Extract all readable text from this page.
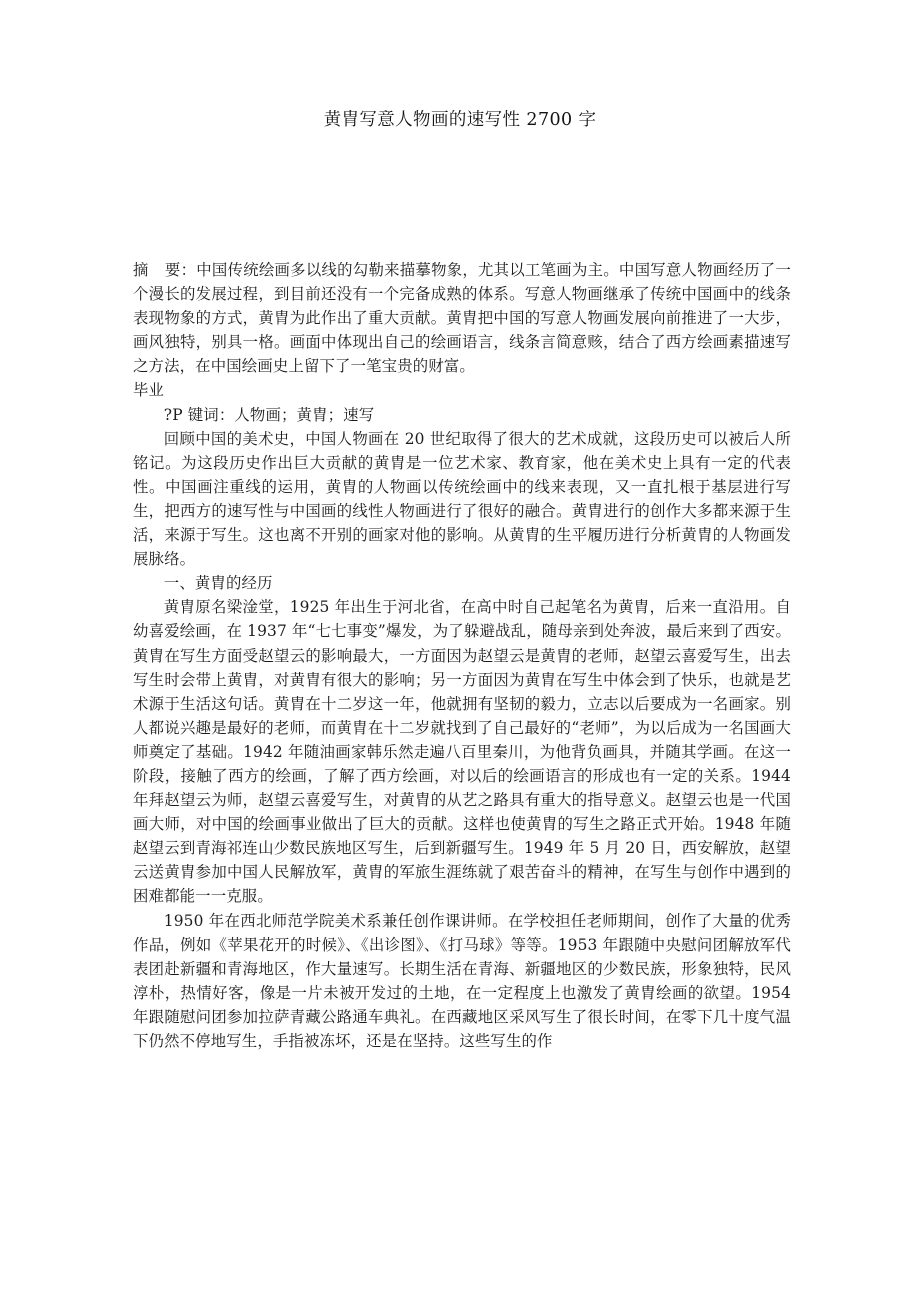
黄胄写意人物画的速写性 2700 字

摘 要：中国传统绘画多以线的勾勒来描摹物象，尤其以工笔画为主。中国写意人物画经历了一个漫长的发展过程，到目前还没有一个完备成熟的体系。写意人物画继承了传统中国画中的线条表现物象的方式，黄胄为此作出了重大贡献。黄胄把中国的写意人物画发展向前推进了一大步，画风独特，别具一格。画面中体现出自己的绘画语言，线条言简意赅，结合了西方绘画素描速写之方法，在中国绘画史上留下了一笔宝贵的财富。

毕业

?P 键词：人物画；黄胄；速写

回顾中国的美术史，中国人物画在 20 世纪取得了很大的艺术成就，这段历史可以被后人所铭记。为这段历史作出巨大贡献的黄胄是一位艺术家、教育家，他在美术史上具有一定的代表性。中国画注重线的运用，黄胄的人物画以传统绘画中的线来表现，又一直扎根于基层进行写生，把西方的速写性与中国画的线性人物画进行了很好的融合。黄胄进行的创作大多都来源于生活，来源于写生。这也离不开别的画家对他的影响。从黄胄的生平履历进行分析黄胄的人物画发展脉络。

一、黄胄的经历

黄胄原名梁淦堂，1925 年出生于河北省，在高中时自己起笔名为黄胄，后来一直沿用。自幼喜爱绘画，在 1937 年“七七事变”爆发，为了躲避战乱，随母亲到处奔波，最后来到了西安。黄胄在写生方面受赵望云的影响最大，一方面因为赵望云是黄胄的老师，赵望云喜爱写生，出去写生时会带上黄胄，对黄胄有很大的影响；另一方面因为黄胄在写生中体会到了快乐，也就是艺术源于生活这句话。黄胄在十二岁这一年，他就拥有坚韧的毅力，立志以后要成为一名画家。别人都说兴趣是最好的老师，而黄胄在十二岁就找到了自己最好的“老师”，为以后成为一名国画大师奠定了基础。1942 年随油画家韩乐然走遍八百里秦川，为他背负画具，并随其学画。在这一阶段，接触了西方的绘画，了解了西方绘画，对以后的绘画语言的形成也有一定的关系。1944 年拜赵望云为师，赵望云喜爱写生，对黄胄的从艺之路具有重大的指导意义。赵望云也是一代国画大师，对中国的绘画事业做出了巨大的贡献。这样也使黄胄的写生之路正式开始。1948 年随赵望云到青海祁连山少数民族地区写生，后到新疆写生。1949 年 5 月 20 日，西安解放，赵望云送黄胄参加中国人民解放军，黄胄的军旅生涯练就了艰苦奋斗的精神，在写生与创作中遇到的困难都能一一克服。

1950 年在西北师范学院美术系兼任创作课讲师。在学校担任老师期间，创作了大量的优秀作品，例如《苹果花开的时候》、《出诊图》、《打马球》等等。1953 年跟随中央慰问团解放军代表团赴新疆和青海地区，作大量速写。长期生活在青海、新疆地区的少数民族，形象独特，民风淳朴，热情好客，像是一片未被开发过的土地，在一定程度上也激发了黄胄绘画的欲望。1954 年跟随慰问团参加拉萨青藏公路通车典礼。在西藏地区采风写生了很长时间，在零下几十度气温下仍然不停地写生，手指被冻坏，还是在坚持。这些写生的作
